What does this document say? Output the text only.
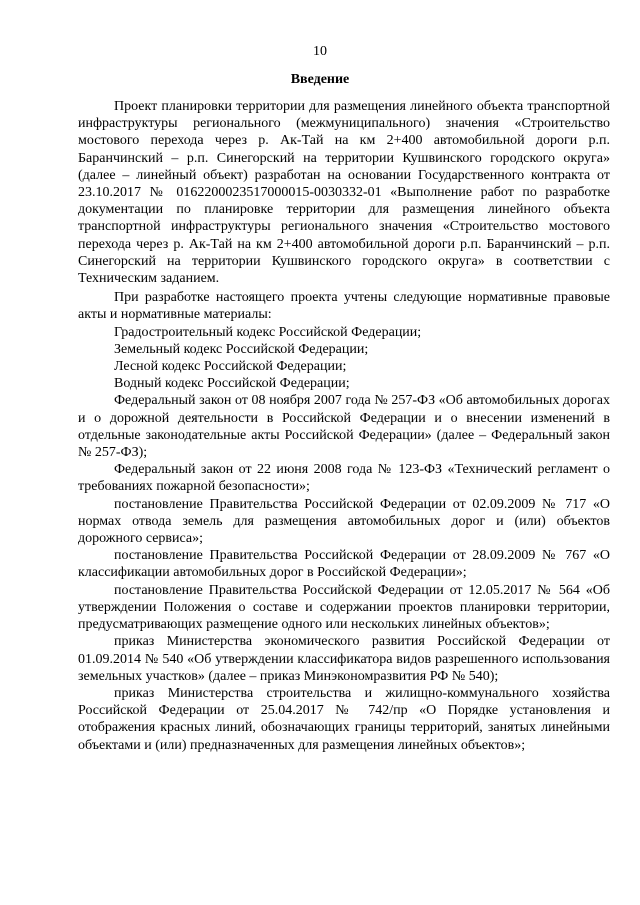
10
Введение

Проект планировки территории для размещения линейного объекта транспортной инфраструктуры регионального (межмуниципального) значения «Строительство мостового перехода через р. Ак-Тай на км 2+400 автомобильной дороги р.п. Баранчинский – р.п. Синегорский на территории Кушвинского городского округа» (далее – линейный объект) разработан на основании Государственного контракта от 23.10.2017 № 0162200023517000015-0030332-01 «Выполнение работ по разработке документации по планировке территории для размещения линейного объекта транспортной инфраструктуры регионального значения «Строительство мостового перехода через р. Ак-Тай на км 2+400 автомобильной дороги р.п. Баранчинский – р.п. Синегорский на территории Кушвинского городского округа» в соответствии с Техническим заданием.

При разработке настоящего проекта учтены следующие нормативные правовые акты и нормативные материалы:

Градостроительный кодекс Российской Федерации;

Земельный кодекс Российской Федерации;

Лесной кодекс Российской Федерации;

Водный кодекс Российской Федерации;

Федеральный закон от 08 ноября 2007 года № 257-ФЗ «Об автомобильных дорогах и о дорожной деятельности в Российской Федерации и о внесении изменений в отдельные законодательные акты Российской Федерации» (далее – Федеральный закон № 257-ФЗ);

Федеральный закон от 22 июня 2008 года № 123-ФЗ «Технический регламент о требованиях пожарной безопасности»;

постановление Правительства Российской Федерации от 02.09.2009 № 717 «О нормах отвода земель для размещения автомобильных дорог и (или) объектов дорожного сервиса»;

постановление Правительства Российской Федерации от 28.09.2009 № 767 «О классификации автомобильных дорог в Российской Федерации»;

постановление Правительства Российской Федерации от 12.05.2017 № 564 «Об утверждении Положения о составе и содержании проектов планировки территории, предусматривающих размещение одного или нескольких линейных объектов»;

приказ Министерства экономического развития Российской Федерации от 01.09.2014 № 540 «Об утверждении классификатора видов разрешенного использования земельных участков» (далее – приказ Минэкономразвития РФ № 540);

приказ Министерства строительства и жилищно-коммунального хозяйства Российской Федерации от 25.04.2017 № 742/пр «О Порядке установления и отображения красных линий, обозначающих границы территорий, занятых линейными объектами и (или) предназначенных для размещения линейных объектов»;
